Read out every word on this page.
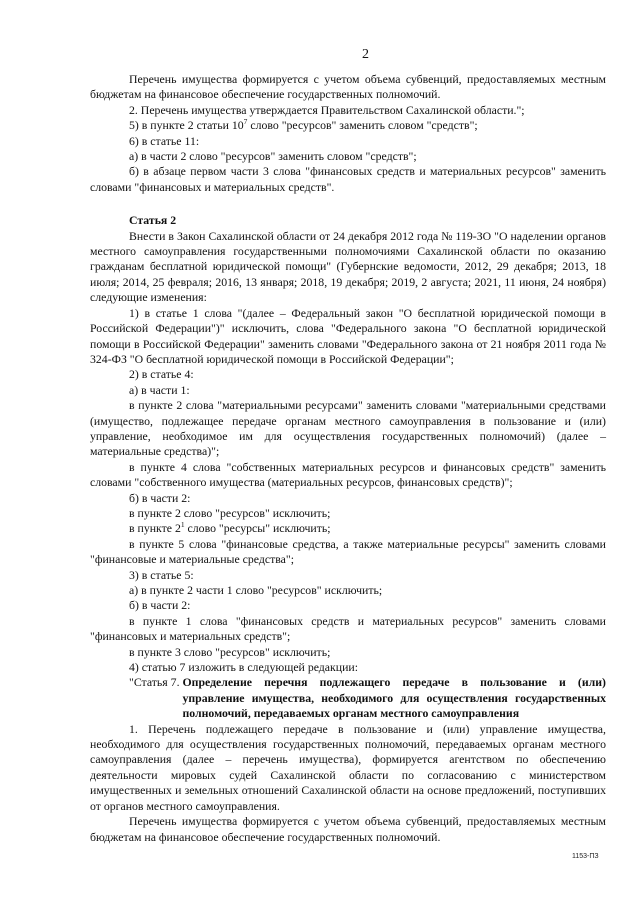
2

Перечень имущества формируется с учетом объема субвенций, предоставляемых местным бюджетам на финансовое обеспечение государственных полномочий.

2. Перечень имущества утверждается Правительством Сахалинской области.";

5) в пункте 2 статьи $10^7$ слово "ресурсов" заменить словом "средств";

6) в статье 11:

а) в части 2 слово "ресурсов" заменить словом "средств";

б) в абзаце первом части 3 слова "финансовых средств и материальных ресурсов" заменить словами "финансовых и материальных средств".

Статья 2

Внести в Закон Сахалинской области от 24 декабря 2012 года № 119-ЗО "О наделении органов местного самоуправления государственными полномочиями Сахалинской области по оказанию гражданам бесплатной юридической помощи" (Губернские ведомости, 2012, 29 декабря; 2013, 18 июля; 2014, 25 февраля; 2016, 13 января; 2018, 19 декабря; 2019, 2 августа; 2021, 11 июня, 24 ноября) следующие изменения:

1) в статье 1 слова "(далее – Федеральный закон "О бесплатной юридической помощи в Российской Федерации")" исключить, слова "Федерального закона "О бесплатной юридической помощи в Российской Федерации" заменить словами "Федерального закона от 21 ноября 2011 года № 324-ФЗ "О бесплатной юридической помощи в Российской Федерации";

2) в статье 4:

а) в части 1:

в пункте 2 слова "материальными ресурсами" заменить словами "материальными средствами (имущество, подлежащее передаче органам местного самоуправления в пользование и (или) управление, необходимое им для осуществления государственных полномочий) (далее – материальные средства)";

в пункте 4 слова "собственных материальных ресурсов и финансовых средств" заменить словами "собственного имущества (материальных ресурсов, финансовых средств)";

б) в части 2:

в пункте 2 слово "ресурсов" исключить;

в пункте $2^1$ слово "ресурсы" исключить;

в пункте 5 слова "финансовые средства, а также материальные ресурсы" заменить словами "финансовые и материальные средства";

3) в статье 5:

а) в пункте 2 части 1 слово "ресурсов" исключить;

б) в части 2:

в пункте 1 слова "финансовых средств и материальных ресурсов" заменить словами "финансовых и материальных средств";

в пункте 3 слово "ресурсов" исключить;

4) статью 7 изложить в следующей редакции:

"Статья 7. Определение перечня подлежащего передаче в пользование и (или) управление имущества, необходимого для осуществления государственных полномочий, передаваемых органам местного самоуправления

1. Перечень подлежащего передаче в пользование и (или) управление имущества, необходимого для осуществления государственных полномочий, передаваемых органам местного самоуправления (далее – перечень имущества), формируется агентством по обеспечению деятельности мировых судей Сахалинской области по согласованию с министерством имущественных и земельных отношений Сахалинской области на основе предложений, поступивших от органов местного самоуправления.

Перечень имущества формируется с учетом объема субвенций, предоставляемых местным бюджетам на финансовое обеспечение государственных полномочий.

1153-ПЗ
